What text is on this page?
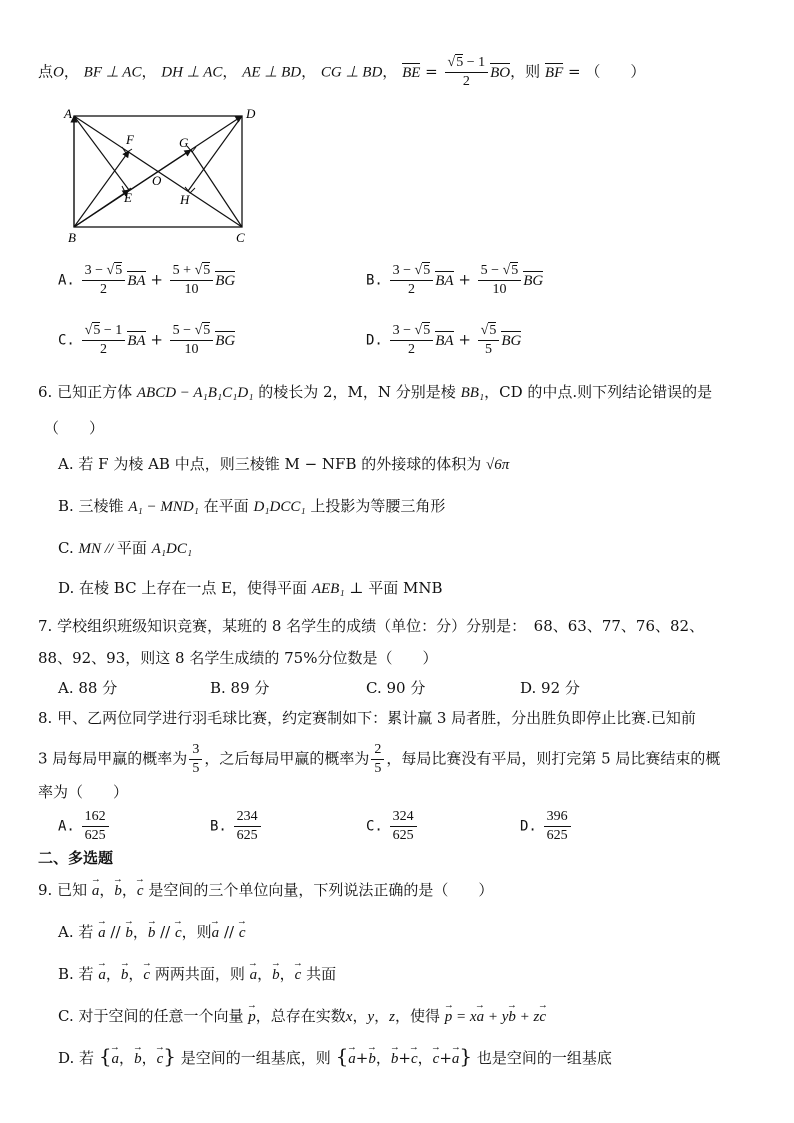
点O， BF ⊥ AC， DH ⊥ AC， AE ⊥ BD， CG ⊥ BD， BE = $\frac{√5 - 1}{2}$ BO，则 BF = （　　）
A	D
B	C
O
F
E
G
H
A. $\frac{3 - √5}{2}$ BA + $\frac{5 + √5}{10}$ BG	B. $\frac{3 - √5}{2}$ BA + $\frac{5 - √5}{10}$ BG
C. $\frac{√5 - 1}{2}$ BA + $\frac{5 - √5}{10}$ BG	D. $\frac{3 - √5}{2}$ BA + $\frac{√5}{5}$ BG
6. 已知正方体 ABCD − A₁B₁C₁D₁ 的棱长为 2，M，N 分别是棱 BB₁，CD 的中点.则下列结论错误的是
（　　）
A. 若 F 为棱 AB 中点，则三棱锥 M − NFB 的外接球的体积为 √6π
B. 三棱锥 A₁ − MND₁ 在平面 D₁DCC₁ 上投影为等腰三角形
C. MN // 平面 A₁DC₁
D. 在棱 BC 上存在一点 E，使得平面 AEB₁ ⊥ 平面 MNB
7. 学校组织班级知识竞赛，某班的 8 名学生的成绩（单位：分）分别是：　68、63、77、76、82、
88、92、93，则这 8 名学生成绩的 75%分位数是（　　）
A. 88 分	B. 89 分	C. 90 分	D. 92 分
8. 甲、乙两位同学进行羽毛球比赛，约定赛制如下：累计赢 3 局者胜，分出胜负即停止比赛.已知前
3 局每局甲赢的概率为 $\frac{3}{5}$ ，之后每局甲赢的概率为 $\frac{2}{5}$ ，每局比赛没有平局，则打完第 5 局比赛结束的概
率为（　　）
A. $\frac{162}{625}$	B. $\frac{234}{625}$	C. $\frac{324}{625}$	D. $\frac{396}{625}$
二、多选题
9. 已知 → a，→ b，→ c 是空间的三个单位向量，下列说法正确的是（　　）
A. 若 → a // → b，→ b // → c，则→ a // → c
B. 若 → a，→ b，→ c 两两共面，则 → a，→ b，→ c 共面
C. 对于空间的任意一个向量 → p，总存在实数x，y，z，使得 → p = x→ a + y→ b + z→ c
D. 若 {→ a，→ b，→ c} 是空间的一组基底，则 {→ a+→ b，→ b+→ c，→ c+→ a} 也是空间的一组基底
